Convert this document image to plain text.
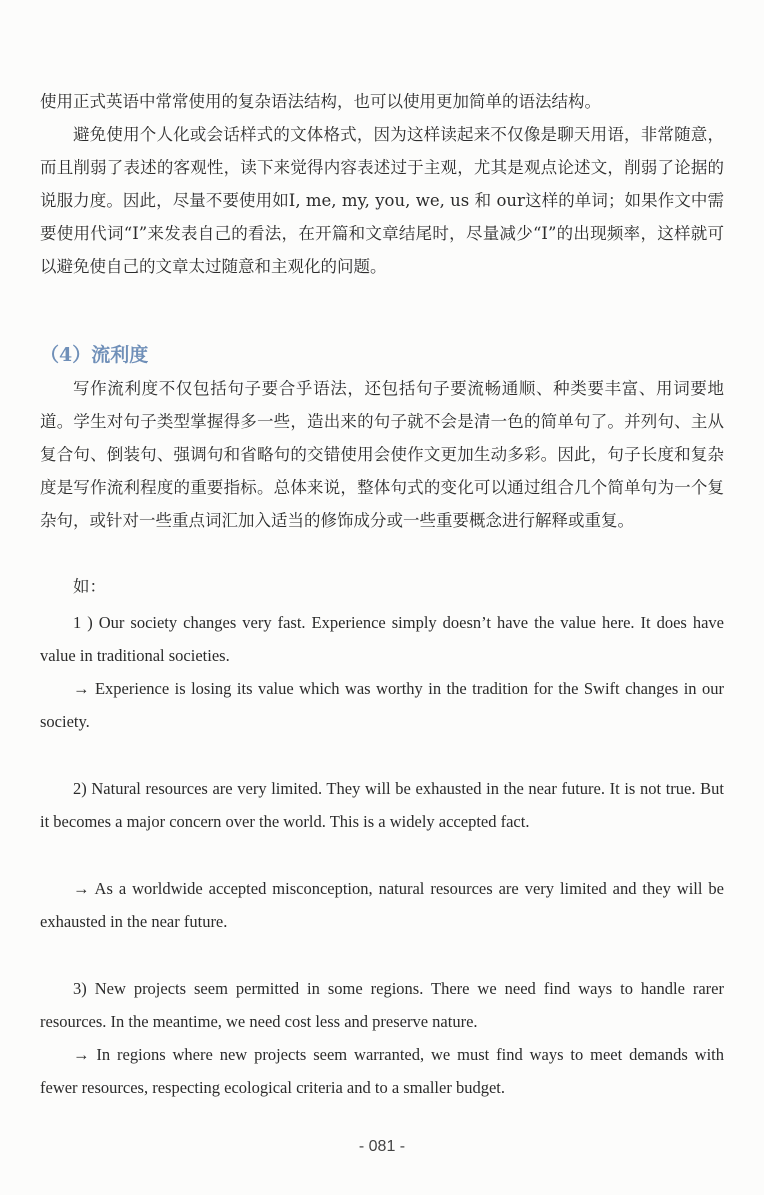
使用正式英语中常常使用的复杂语法结构，也可以使用更加简单的语法结构。

避免使用个人化或会话样式的文体格式，因为这样读起来不仅像是聊天用语，非常随意，而且削弱了表述的客观性，读下来觉得内容表述过于主观，尤其是观点论述文，削弱了论据的说服力度。因此，尽量不要使用如I, me, my, you, we, us 和 our这样的单词；如果作文中需要使用代词“I”来发表自己的看法，在开篇和文章结尾时，尽量减少“I”的出现频率，这样就可以避免使自己的文章太过随意和主观化的问题。

（4）流利度

写作流利度不仅包括句子要合乎语法，还包括句子要流畅通顺、种类要丰富、用词要地道。学生对句子类型掌握得多一些，造出来的句子就不会是清一色的简单句了。并列句、主从复合句、倒装句、强调句和省略句的交错使用会使作文更加生动多彩。因此，句子长度和复杂度是写作流利程度的重要指标。总体来说，整体句式的变化可以通过组合几个简单句为一个复杂句，或针对一些重点词汇加入适当的修饰成分或一些重要概念进行解释或重复。

如：

1 ) Our society changes very fast. Experience simply doesn’t have the value here. It does have value in traditional societies.

→ Experience is losing its value which was worthy in the tradition for the Swift changes in our society.

2) Natural resources are very limited. They will be exhausted in the near future. It is not true. But it becomes a major concern over the world. This is a widely accepted fact.

→ As a worldwide accepted misconception, natural resources are very limited and they will be exhausted in the near future.

3) New projects seem permitted in some regions. There we need find ways to handle rarer resources. In the meantime, we need cost less and preserve nature.

→ In regions where new projects seem warranted, we must find ways to meet demands with fewer resources, respecting ecological criteria and to a smaller budget.

- 081 -
